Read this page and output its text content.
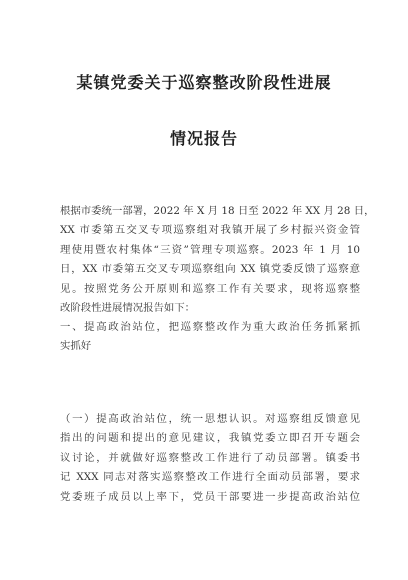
某镇党委关于巡察整改阶段性进展
情况报告
根据市委统一部署，2022 年 X 月 18 日至 2022 年 XX 月 28 日，
XX 市委第五交叉专项巡察组对我镇开展了乡村振兴资金管
理使用暨农村集体“三资”管理专项巡察。2023 年 1 月 10
日，XX 市委第五交叉专项巡察组向 XX 镇党委反馈了巡察意
见。按照党务公开原则和巡察工作有关要求，现将巡察整
改阶段性进展情况报告如下：
一、提高政治站位，把巡察整改作为重大政治任务抓紧抓
实抓好
（一）提高政治站位，统一思想认识。对巡察组反馈意见
指出的问题和提出的意见建议，我镇党委立即召开专题会
议讨论，并就做好巡察整改工作进行了动员部署。镇委书
记 XXX 同志对落实巡察整改工作进行全面动员部署，要求
党委班子成员以上率下，党员干部要进一步提高政治站位
